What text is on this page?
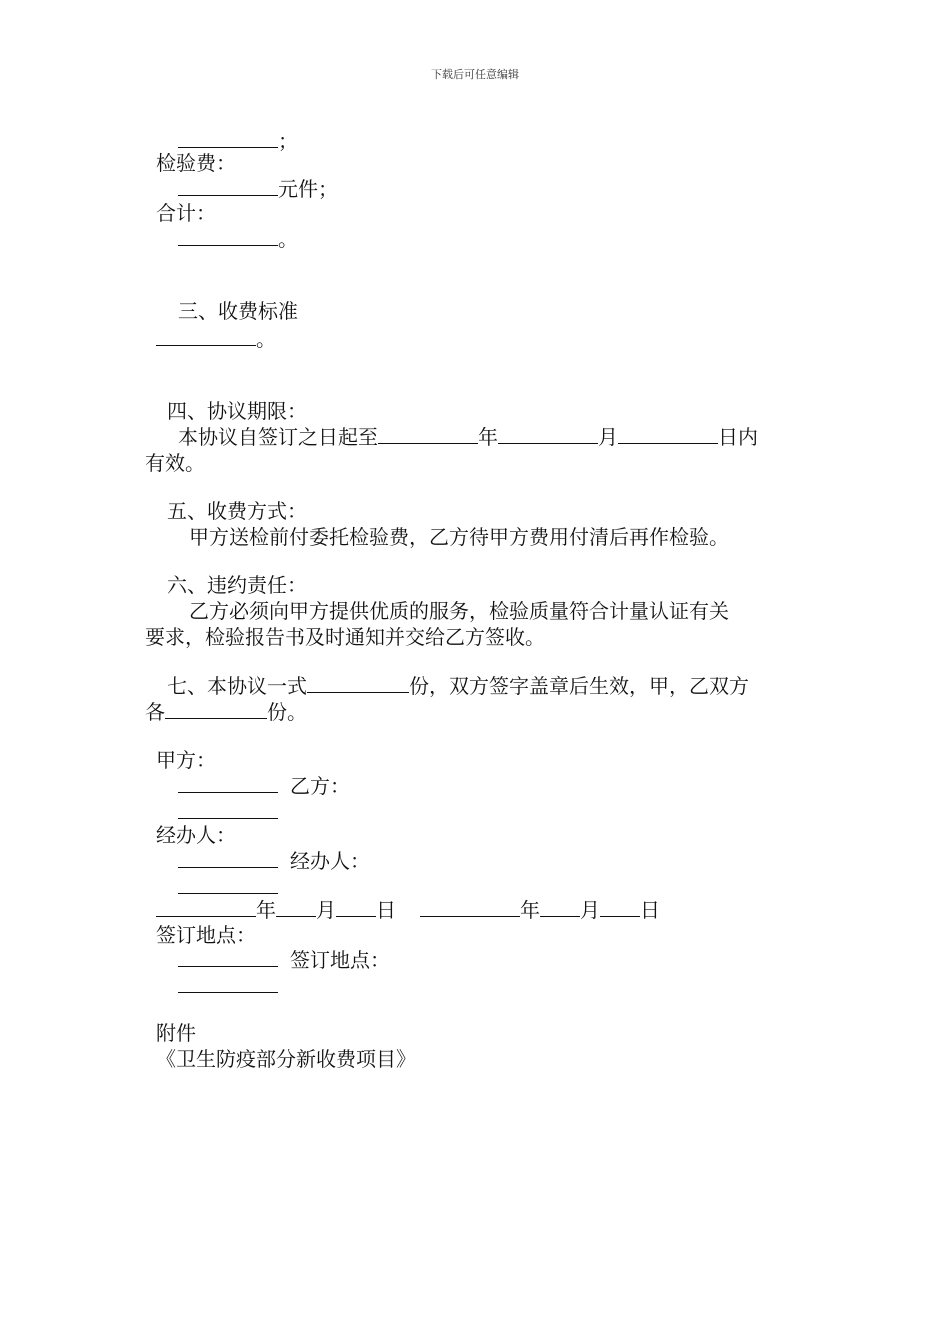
下载后可任意编辑
；
检验费：
元件；
合计：
。
三、收费标准
。
四、协议期限：
本协议自签订之日起至	年	月	日内
有效。
五、收费方式：
甲方送检前付委托检验费，乙方待甲方费用付清后再作检验。
六、违约责任：
乙方必须向甲方提供优质的服务，检验质量符合计量认证有关
要求，检验报告书及时通知并交给乙方签收。
七、本协议一式	份，双方签字盖章后生效，甲，乙双方
各	份。
甲方：
乙方：
经办人：
经办人：
年 月 日	年 月 日
签订地点：
签订地点：
附件
《卫生防疫部分新收费项目》
